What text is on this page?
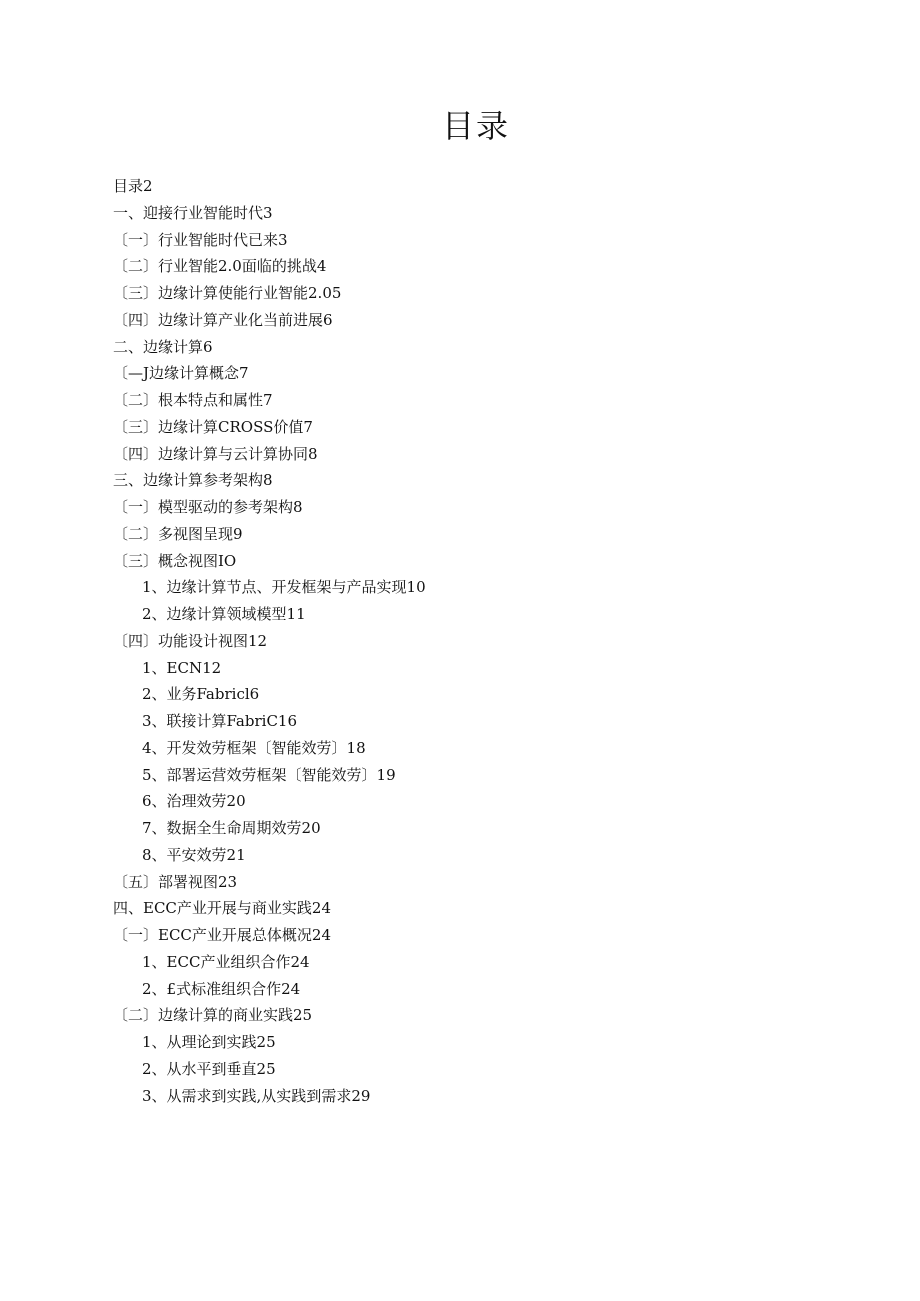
目录
目录2
一、迎接行业智能时代3
〔一〕行业智能时代已来3
〔二〕行业智能2.0面临的挑战4
〔三〕边缘计算使能行业智能2.05
〔四〕边缘计算产业化当前进展6
二、边缘计算6
〔—J边缘计算概念7
〔二〕根本特点和属性7
〔三〕边缘计算CROSS价值7
〔四〕边缘计算与云计算协同8
三、边缘计算参考架构8
〔一〕模型驱动的参考架构8
〔二〕多视图呈现9
〔三〕概念视图IO
1、边缘计算节点、开发框架与产品实现10
2、边缘计算领域模型11
〔四〕功能设计视图12
1、ECN12
2、业务Fabricl6
3、联接计算FabriC16
4、开发效劳框架〔智能效劳〕18
5、部署运营效劳框架〔智能效劳〕19
6、治理效劳20
7、数据全生命周期效劳20
8、平安效劳21
〔五〕部署视图23
四、ECC产业开展与商业实践24
〔一〕ECC产业开展总体概况24
1、ECC产业组织合作24
2、£式标准组织合作24
〔二〕边缘计算的商业实践25
1、从理论到实践25
2、从水平到垂直25
3、从需求到实践,从实践到需求29
